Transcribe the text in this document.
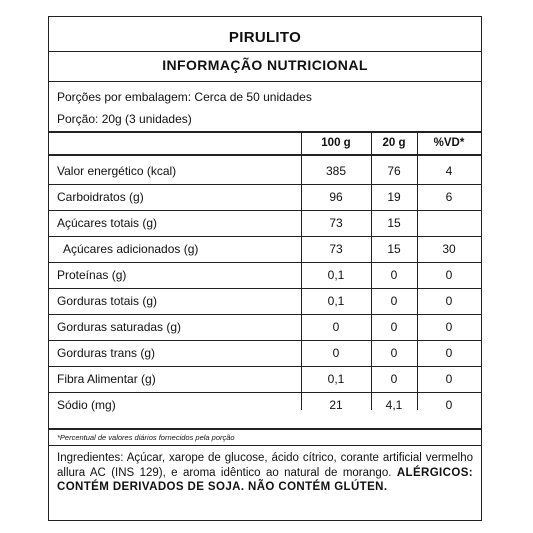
PIRULITO
INFORMAÇÃO NUTRICIONAL
Porções por embalagem: Cerca de 50 unidades
Porção: 20g (3 unidades)
100 g	20 g	%VD*
Valor energético (kcal)	385	76	4
Carboidratos (g)	96	19	6
Açúcares totais (g)	73	15
Açúcares adicionados (g)	73	15	30
Proteínas (g)	0,1	0	0
Gorduras totais (g)	0,1	0	0
Gorduras saturadas (g)	0	0	0
Gorduras trans (g)	0	0	0
Fibra Alimentar (g)	0,1	0	0
Sódio (mg)	21	4,1	0
*Percentual de valores diários fornecidos pela porção
Ingredientes: Açúcar, xarope de glucose, ácido cítrico, corante artificial vermelho allura AC (INS 129), e aroma idêntico ao natural de morango. ALÉRGICOS: CONTÉM DERIVADOS DE SOJA. NÃO CONTÉM GLÚTEN.
